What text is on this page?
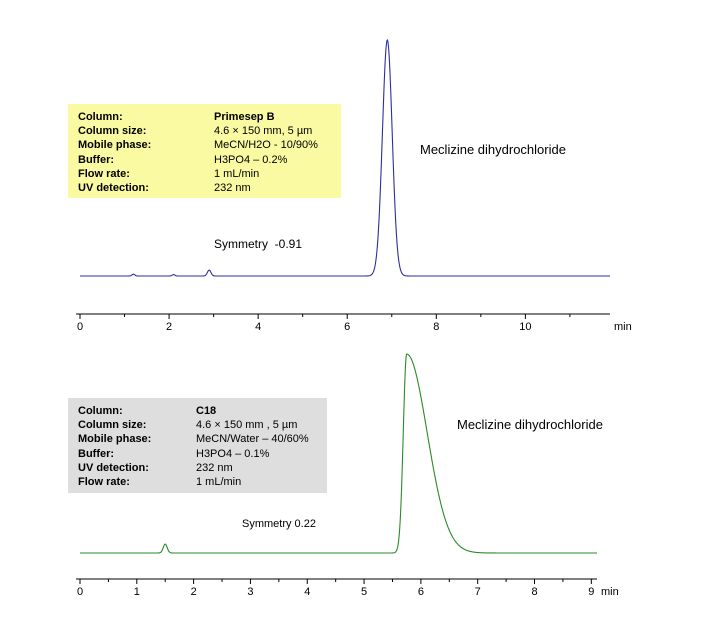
Column:	Primesep B
Column size:	4.6 × 150 mm, 5 µm
Mobile phase:	MeCN/H2O - 10/90%
Buffer:	H3PO4 – 0.2%
Flow rate:	1 mL/min
UV detection:	232 nm
Column:	C18
Column size:	4.6 × 150 mm , 5 µm
Mobile phase:	MeCN/Water – 40/60%
Buffer:	H3PO4 – 0.1%
UV detection:	232 nm
Flow rate:	1 mL/min
0	2	4	6	8	10	min
Meclizine dihydrochloride
Symmetry  -0.91
0	1	2	3	4	5	6	7	8	9 min
Meclizine dihydrochloride
Symmetry 0.22
